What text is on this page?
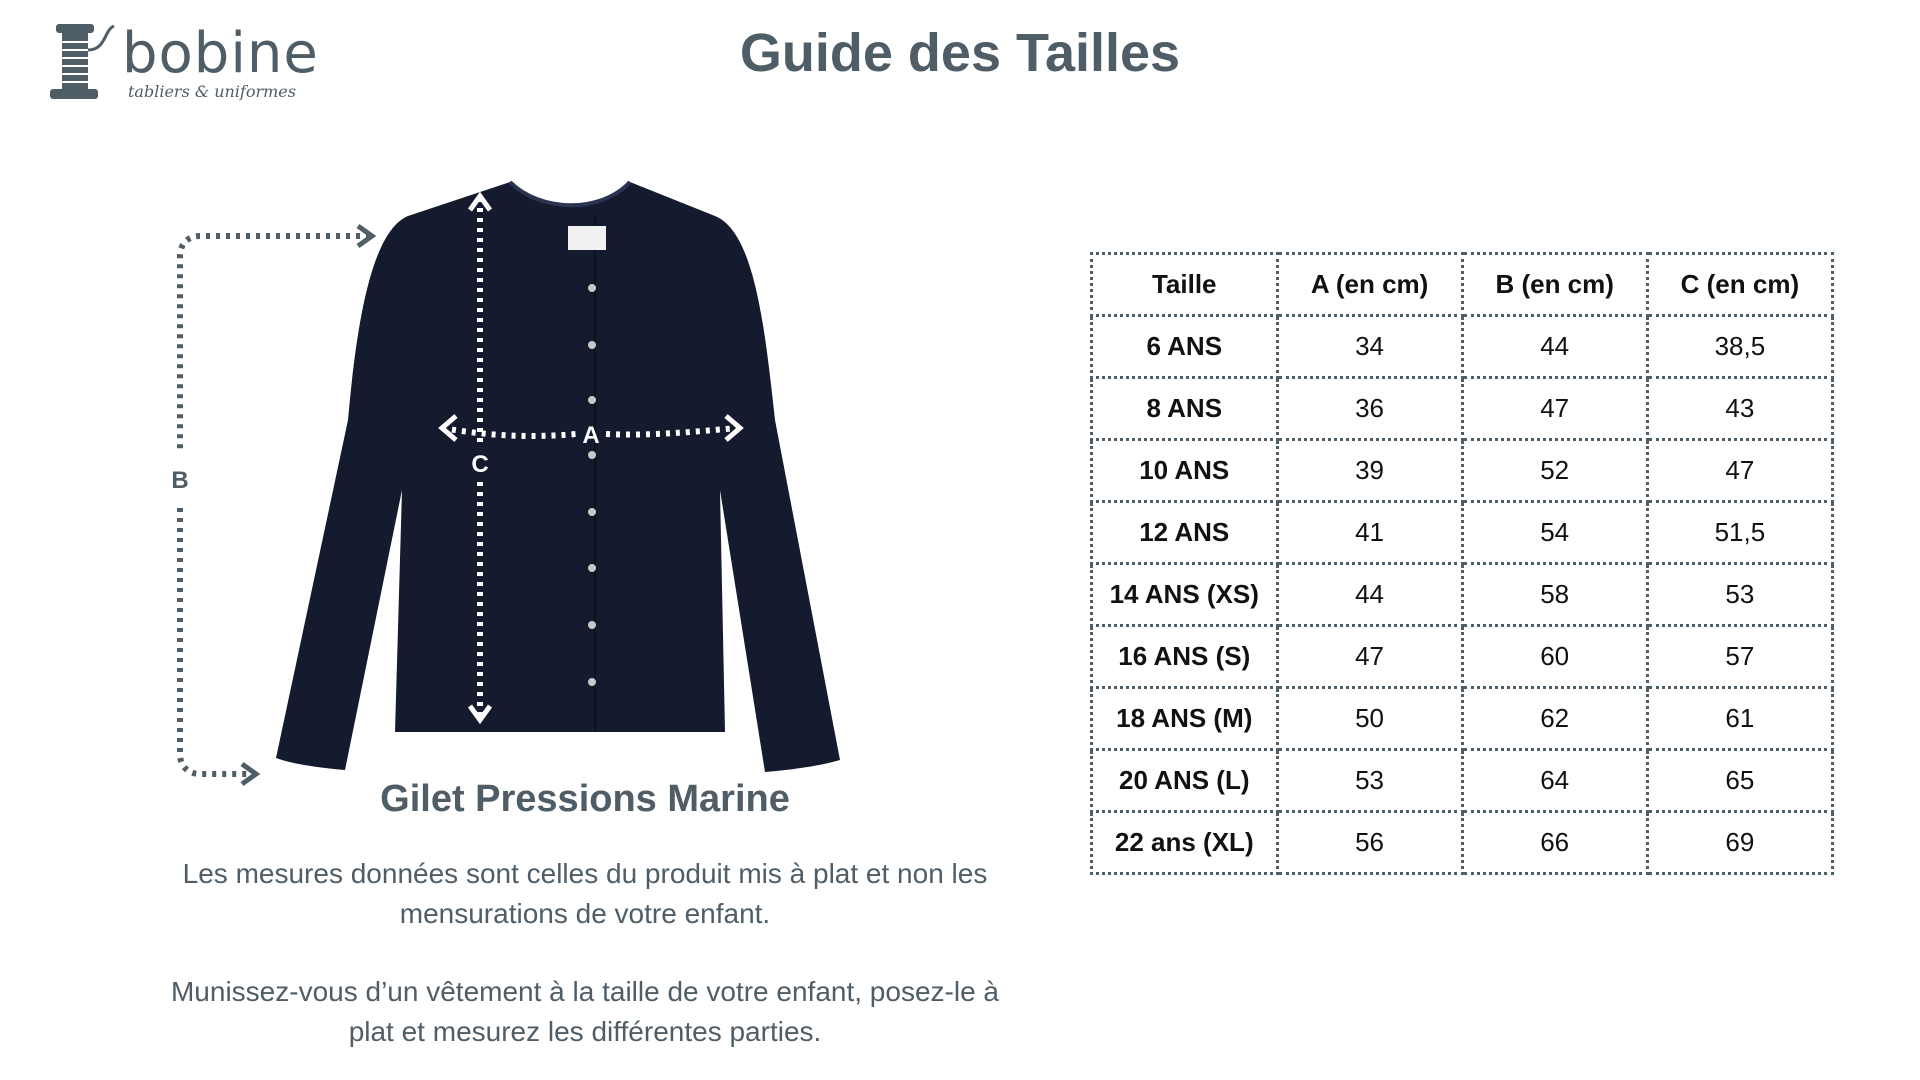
bobine
tabliers & uniformes
Guide des Tailles
A
C
B
Gilet Pressions Marine
Les mesures données sont celles du produit mis à plat et non les mensurations de votre enfant.
Munissez-vous d’un vêtement à la taille de votre enfant, posez-le à plat et mesurez les différentes parties.
Taille	A (en cm)	B (en cm)	C (en cm)
6 ANS	34	44	38,5
8 ANS	36	47	43
10 ANS	39	52	47
12 ANS	41	54	51,5
14 ANS (XS)	44	58	53
16 ANS (S)	47	60	57
18 ANS (M)	50	62	61
20 ANS (L)	53	64	65
22 ans (XL)	56	66	69
